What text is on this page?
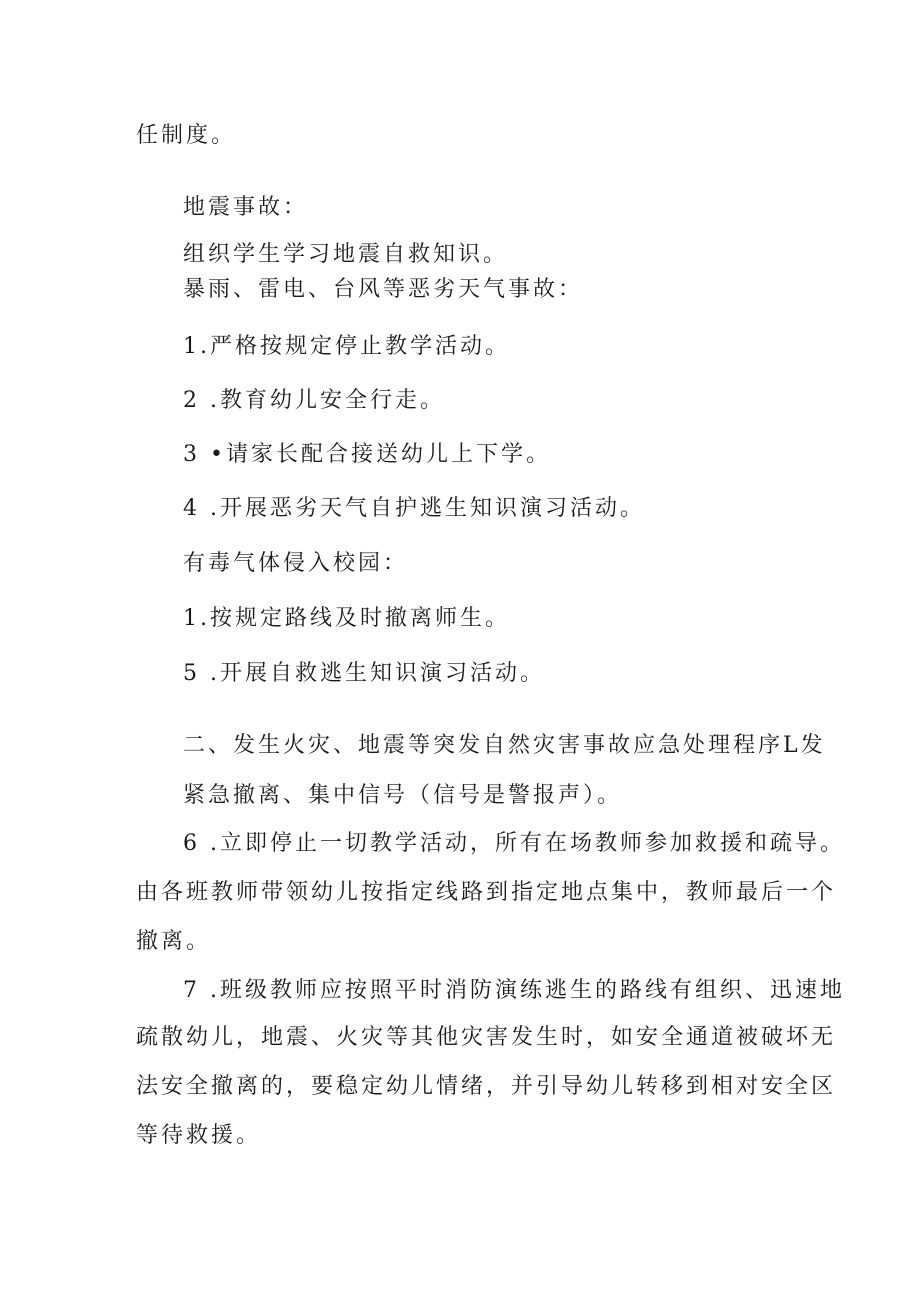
任制度。
地震事故：
组织学生学习地震自救知识。
暴雨、雷电、台风等恶劣天气事故：
1.严格按规定停止教学活动。
2 .教育幼儿安全行走。
3 •请家长配合接送幼儿上下学。
4 .开展恶劣天气自护逃生知识演习活动。
有毒气体侵入校园：
1.按规定路线及时撤离师生。
5 .开展自救逃生知识演习活动。
二、发生火灾、地震等突发自然灾害事故应急处理程序L发
紧急撤离、集中信号（信号是警报声）。
6 .立即停止一切教学活动，所有在场教师参加救援和疏导。
由各班教师带领幼儿按指定线路到指定地点集中，教师最后一个
撤离。
7 .班级教师应按照平时消防演练逃生的路线有组织、迅速地
疏散幼儿，地震、火灾等其他灾害发生时，如安全通道被破坏无
法安全撤离的，要稳定幼儿情绪，并引导幼儿转移到相对安全区
等待救援。
